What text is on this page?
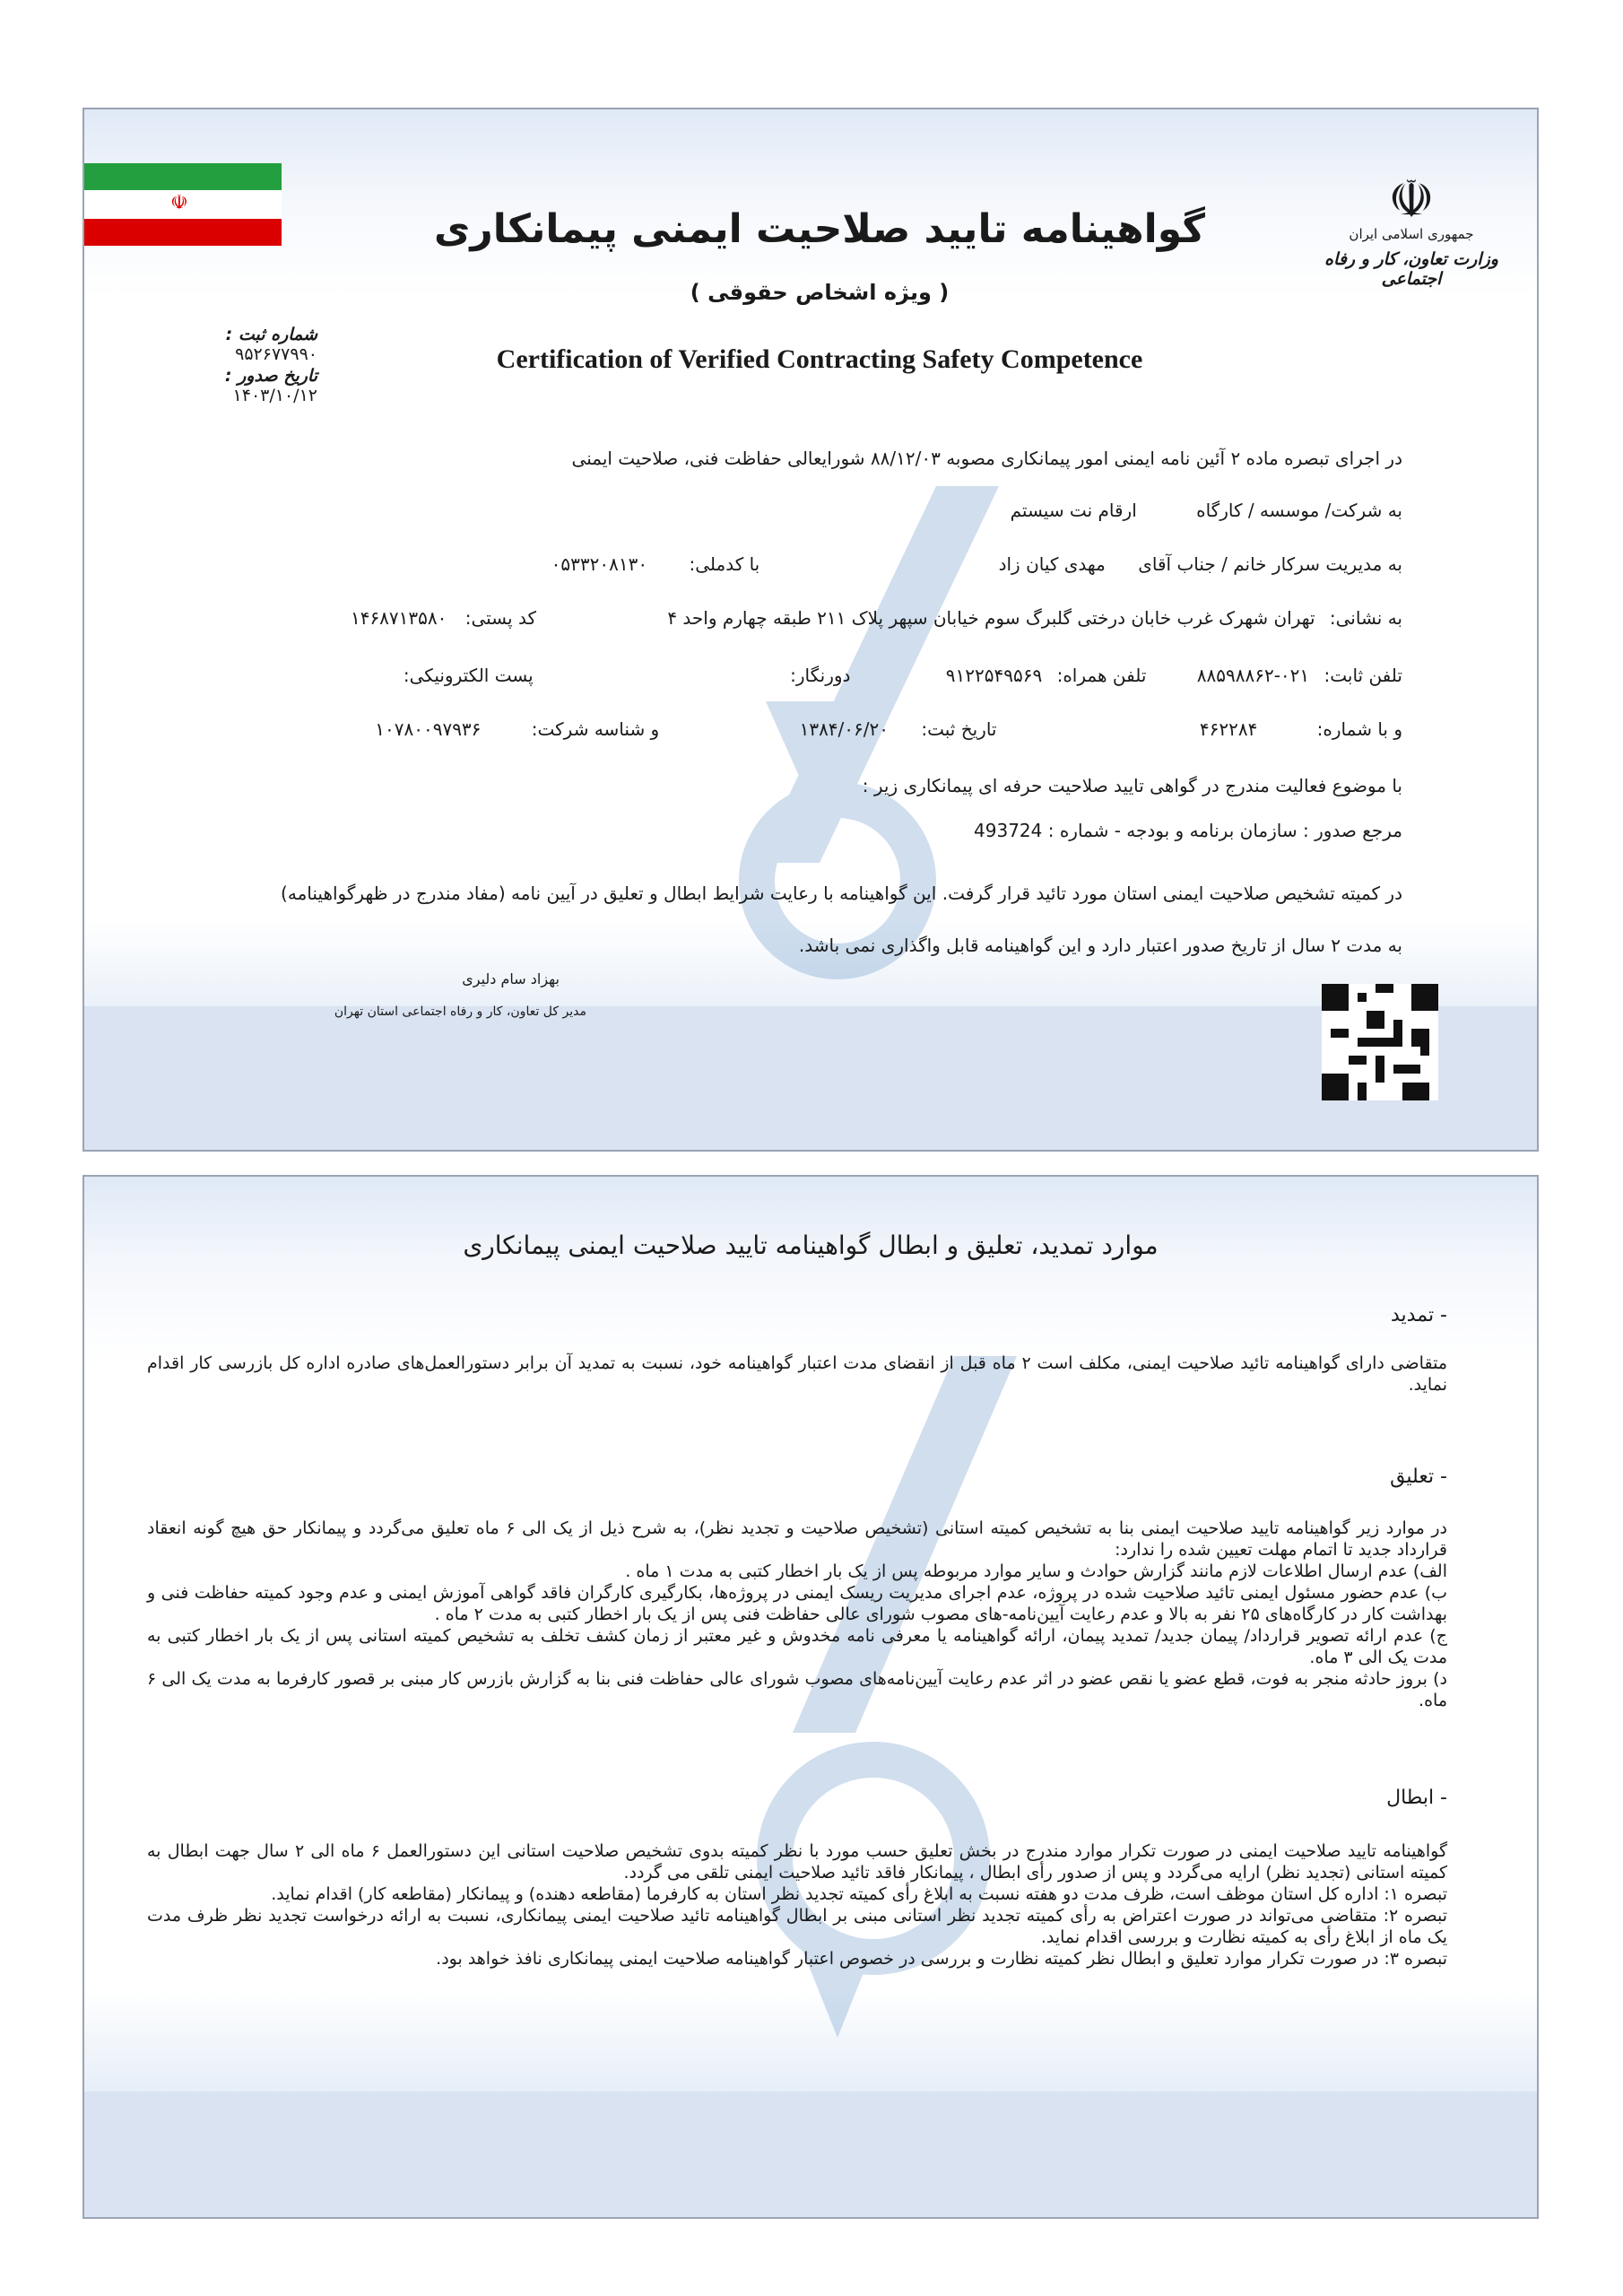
☫	☫
جمهوری اسلامی ایران
وزارت تعاون، کار و رفاه اجتماعی
گواهینامه تایید صلاحیت ایمنی پیمانکاری
( ویژه اشخاص حقوقی )
Certification of Verified Contracting Safety Competence
شماره ثبت : ۹۵۲۶۷۷۹۹۰
تاریخ صدور : ۱۴۰۳/۱۰/۱۲
در اجرای تبصره ماده ۲ آئین نامه ایمنی امور پیمانکاری مصوبه ۸۸/۱۲/۰۳ شورایعالی حفاظت فنی، صلاحیت ایمنی
به شرکت/ موسسه / کارگاه ارقام نت سیستم
به مدیریت سرکار خانم / جناب آقای مهدی کیان زاد با کدملی: ۰۵۳۳۲۰۸۱۳۰
به نشانی: تهران شهرک غرب خابان درختی گلبرگ سوم خیابان سپهر پلاک ۲۱۱ طبقه چهارم واحد ۴ کد پستی: ۱۴۶۸۷۱۳۵۸۰
تلفن ثابت: ۰۲۱-۸۸۵۹۸۸۶۲ تلفن همراه: ۹۱۲۲۵۴۹۵۶۹ دورنگار: پست الکترونیکی:
و با شماره: ۴۶۲۲۸۴ تاریخ ثبت: ۱۳۸۴/۰۶/۲۰ و شناسه شرکت: ۱۰۷۸۰۰۹۷۹۳۶
با موضوع فعالیت مندرج در گواهی تایید صلاحیت حرفه ای پیمانکاری زیر :
مرجع صدور : سازمان برنامه و بودجه - شماره : 493724
در کمیته تشخیص صلاحیت ایمنی استان مورد تائید قرار گرفت. این گواهینامه با رعایت شرایط ابطال و تعلیق در آیین نامه (مفاد مندرج در ظهرگواهینامه)
به مدت ۲ سال از تاریخ صدور اعتبار دارد و این گواهینامه قابل واگذاری نمی باشد.
بهزاد سام دلیری
مدیر کل تعاون، کار و رفاه اجتماعی استان تهران
موارد تمدید، تعلیق و ابطال گواهینامه تایید صلاحیت ایمنی پیمانکاری
- تمدید
متقاضی دارای گواهینامه تائید صلاحیت ایمنی، مکلف است ۲ ماه قبل از انقضای مدت اعتبار گواهینامه خود، نسبت به تمدید آن برابر دستورالعمل‌های صادره اداره کل بازرسی کار اقدام نماید.
- تعلیق
در موارد زیر گواهینامه تایید صلاحیت ایمنی بنا به تشخیص کمیته استانی (تشخیص صلاحیت و تجدید نظر)، به شرح ذیل از یک الی ۶ ماه تعلیق می‌گردد و پیمانکار حق هیچ گونه انعقاد قرارداد جدید تا اتمام مهلت تعیین شده را ندارد:
الف) عدم ارسال اطلاعات لازم مانند گزارش حوادث و سایر موارد مربوطه پس از یک بار اخطار کتبی به مدت ۱ ماه .
ب) عدم حضور مسئول ایمنی تائید صلاحیت شده در پروژه، عدم اجرای مدیریت ریسک ایمنی در پروژه‌ها، بکارگیری کارگران فاقد گواهی آموزش ایمنی و عدم وجود کمیته حفاظت فنی و بهداشت کار در کارگاه‌های ۲۵ نفر به بالا و عدم رعایت آیین‌نامه-های مصوب شورای عالی حفاظت فنی پس از یک بار اخطار کتبی به مدت ۲ ماه .
ج) عدم ارائه تصویر قرارداد/ پیمان جدید/ تمدید پیمان، ارائه گواهینامه یا معرفی نامه مخدوش و غیر معتبر از زمان کشف تخلف به تشخیص کمیته استانی پس از یک بار اخطار کتبی به مدت یک الی ۳ ماه.
د) بروز حادثه منجر به فوت، قطع عضو یا نقص عضو در اثر عدم رعایت آیین‌نامه‌های مصوب شورای عالی حفاظت فنی بنا به گزارش بازرس کار مبنی بر قصور کارفرما به مدت یک الی ۶ ماه.
- ابطال
گواهینامه تایید صلاحیت ایمنی در صورت تکرار موارد مندرج در بخش تعلیق حسب مورد با نظر کمیته بدوی تشخیص صلاحیت استانی این دستورالعمل ۶ ماه الی ۲ سال جهت ابطال به کمیته استانی (تجدید نظر) ارایه می‌گردد و پس از صدور رأی ابطال ، پیمانکار فاقد تائید صلاحیت ایمنی تلقی می گردد.
تبصره ۱: اداره کل استان موظف است، ظرف مدت دو هفته نسبت به ابلاغ رأی کمیته تجدید نظر استان به کارفرما (مقاطعه دهنده) و پیمانکار (مقاطعه کار) اقدام نماید.
تبصره ۲: متقاضی می‌تواند در صورت اعتراض به رأی کمیته تجدید نظر استانی مبنی بر ابطال گواهینامه تائید صلاحیت ایمنی پیمانکاری، نسبت به ارائه درخواست تجدید نظر ظرف مدت یک ماه از ابلاغ رأی به کمیته نظارت و بررسی اقدام نماید.
تبصره ۳: در صورت تکرار موارد تعلیق و ابطال نظر کمیته نظارت و بررسی در خصوص اعتبار گواهینامه صلاحیت ایمنی پیمانکاری نافذ خواهد بود.
